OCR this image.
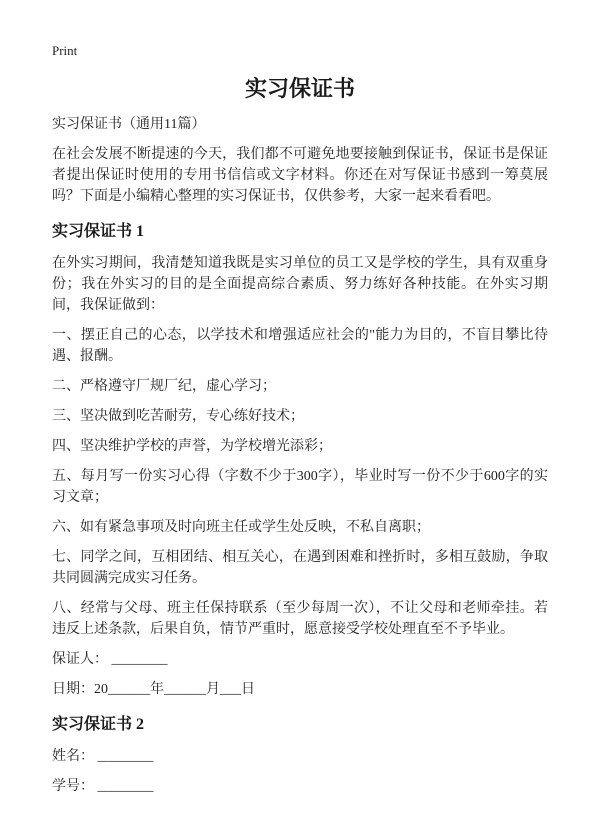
Print
实习保证书

实习保证书（通用11篇）

在社会发展不断提速的今天，我们都不可避免地要接触到保证书，保证书是保证者提出保证时使用的专用书信信或文字材料。你还在对写保证书感到一筹莫展吗？下面是小编精心整理的实习保证书，仅供参考，大家一起来看看吧。

实习保证书 1

在外实习期间，我清楚知道我既是实习单位的员工又是学校的学生，具有双重身份；我在外实习的目的是全面提高综合素质、努力练好各种技能。在外实习期间，我保证做到：

一、摆正自己的心态，以学技术和增强适应社会的"能力为目的，不盲目攀比待遇、报酬。

二、严格遵守厂规厂纪，虚心学习；

三、坚决做到吃苦耐劳，专心练好技术；

四、坚决维护学校的声誉，为学校增光添彩；

五、每月写一份实习心得（字数不少于300字），毕业时写一份不少于600字的实习文章；

六、如有紧急事项及时向班主任或学生处反映，不私自离职；

七、同学之间，互相团结、相互关心，在遇到困难和挫折时，多相互鼓励，争取共同圆满完成实习任务。

八、经常与父母、班主任保持联系（至少每周一次），不让父母和老师牵挂。若违反上述条款，后果自负，情节严重时，愿意接受学校处理直至不予毕业。

保证人： ________

日期：20______年______月___日

实习保证书 2

姓名： ________

学号： ________
